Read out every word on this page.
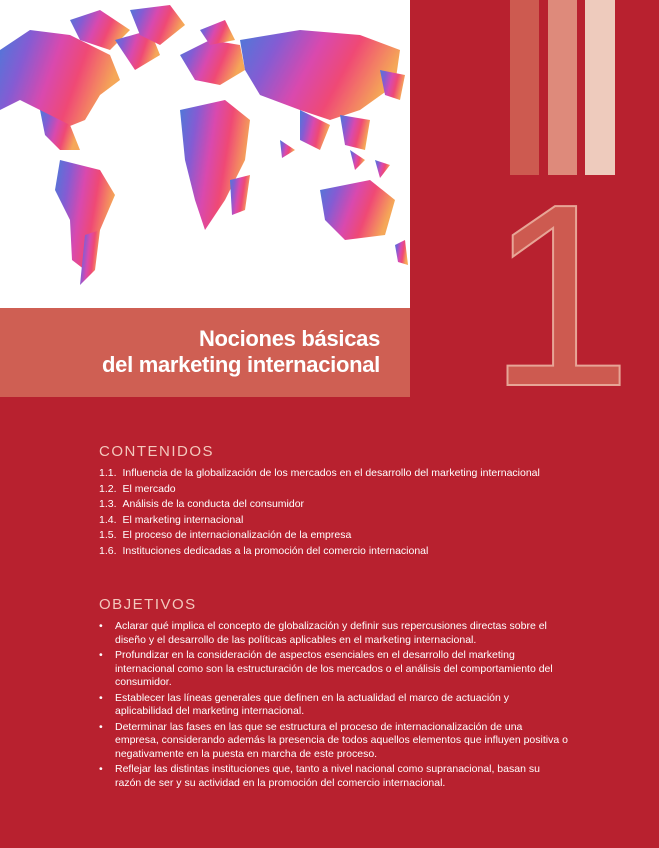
Nociones básicas
del marketing internacional 1
CONTENIDOS
1.1. Influencia de la globalización de los mercados en el desarrollo del marketing internacional
1.2. El mercado
1.3. Análisis de la conducta del consumidor
1.4. El marketing internacional
1.5. El proceso de internacionalización de la empresa
1.6. Instituciones dedicadas a la promoción del comercio internacional
OBJETIVOS
•	Aclarar qué implica el concepto de globalización y definir sus repercusiones directas sobre el diseño y el desarrollo de las políticas aplicables en el marketing internacional.
•	Profundizar en la consideración de aspectos esenciales en el desarrollo del marketing internacional como son la estructuración de los mercados o el análisis del comportamiento del consumidor.
•	Establecer las líneas generales que definen en la actualidad el marco de actuación y aplicabilidad del marketing internacional.
•	Determinar las fases en las que se estructura el proceso de internacionalización de una empresa, considerando además la presencia de todos aquellos elementos que influyen positiva o negativamente en la puesta en marcha de este proceso.
•	Reflejar las distintas instituciones que, tanto a nivel nacional como supranacional, basan su razón de ser y su actividad en la promoción del comercio internacional.
